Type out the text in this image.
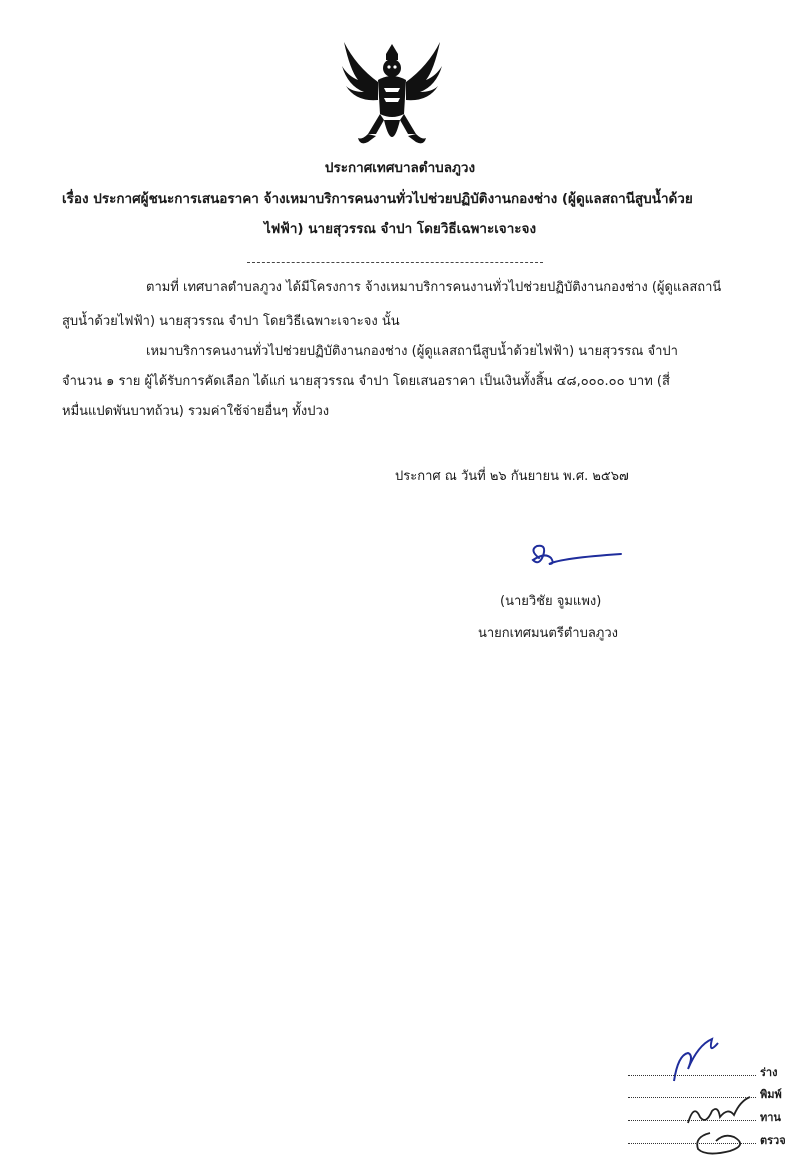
ประกาศเทศบาลตำบลภูวง
เรื่อง ประกาศผู้ชนะการเสนอราคา จ้างเหมาบริการคนงานทั่วไปช่วยปฏิบัติงานกองช่าง (ผู้ดูแลสถานีสูบน้ำด้วย
ไฟฟ้า) นายสุวรรณ จำปา โดยวิธีเฉพาะเจาะจง
ตามที่ เทศบาลตำบลภูวง ได้มีโครงการ จ้างเหมาบริการคนงานทั่วไปช่วยปฏิบัติงานกองช่าง (ผู้ดูแลสถานี
สูบน้ำด้วยไฟฟ้า) นายสุวรรณ จำปา โดยวิธีเฉพาะเจาะจง นั้น
เหมาบริการคนงานทั่วไปช่วยปฏิบัติงานกองช่าง (ผู้ดูแลสถานีสูบน้ำด้วยไฟฟ้า) นายสุวรรณ จำปา
จำนวน ๑ ราย ผู้ได้รับการคัดเลือก ได้แก่ นายสุวรรณ จำปา โดยเสนอราคา เป็นเงินทั้งสิ้น ๔๘,๐๐๐.๐๐ บาท (สี่
หมื่นแปดพันบาทถ้วน) รวมค่าใช้จ่ายอื่นๆ ทั้งปวง
ประกาศ ณ วันที่ ๒๖ กันยายน พ.ศ. ๒๕๖๗
(นายวิชัย จูมแพง)
นายกเทศมนตรีตำบลภูวง
ร่าง
พิมพ์
ทาน
ตรวจ
